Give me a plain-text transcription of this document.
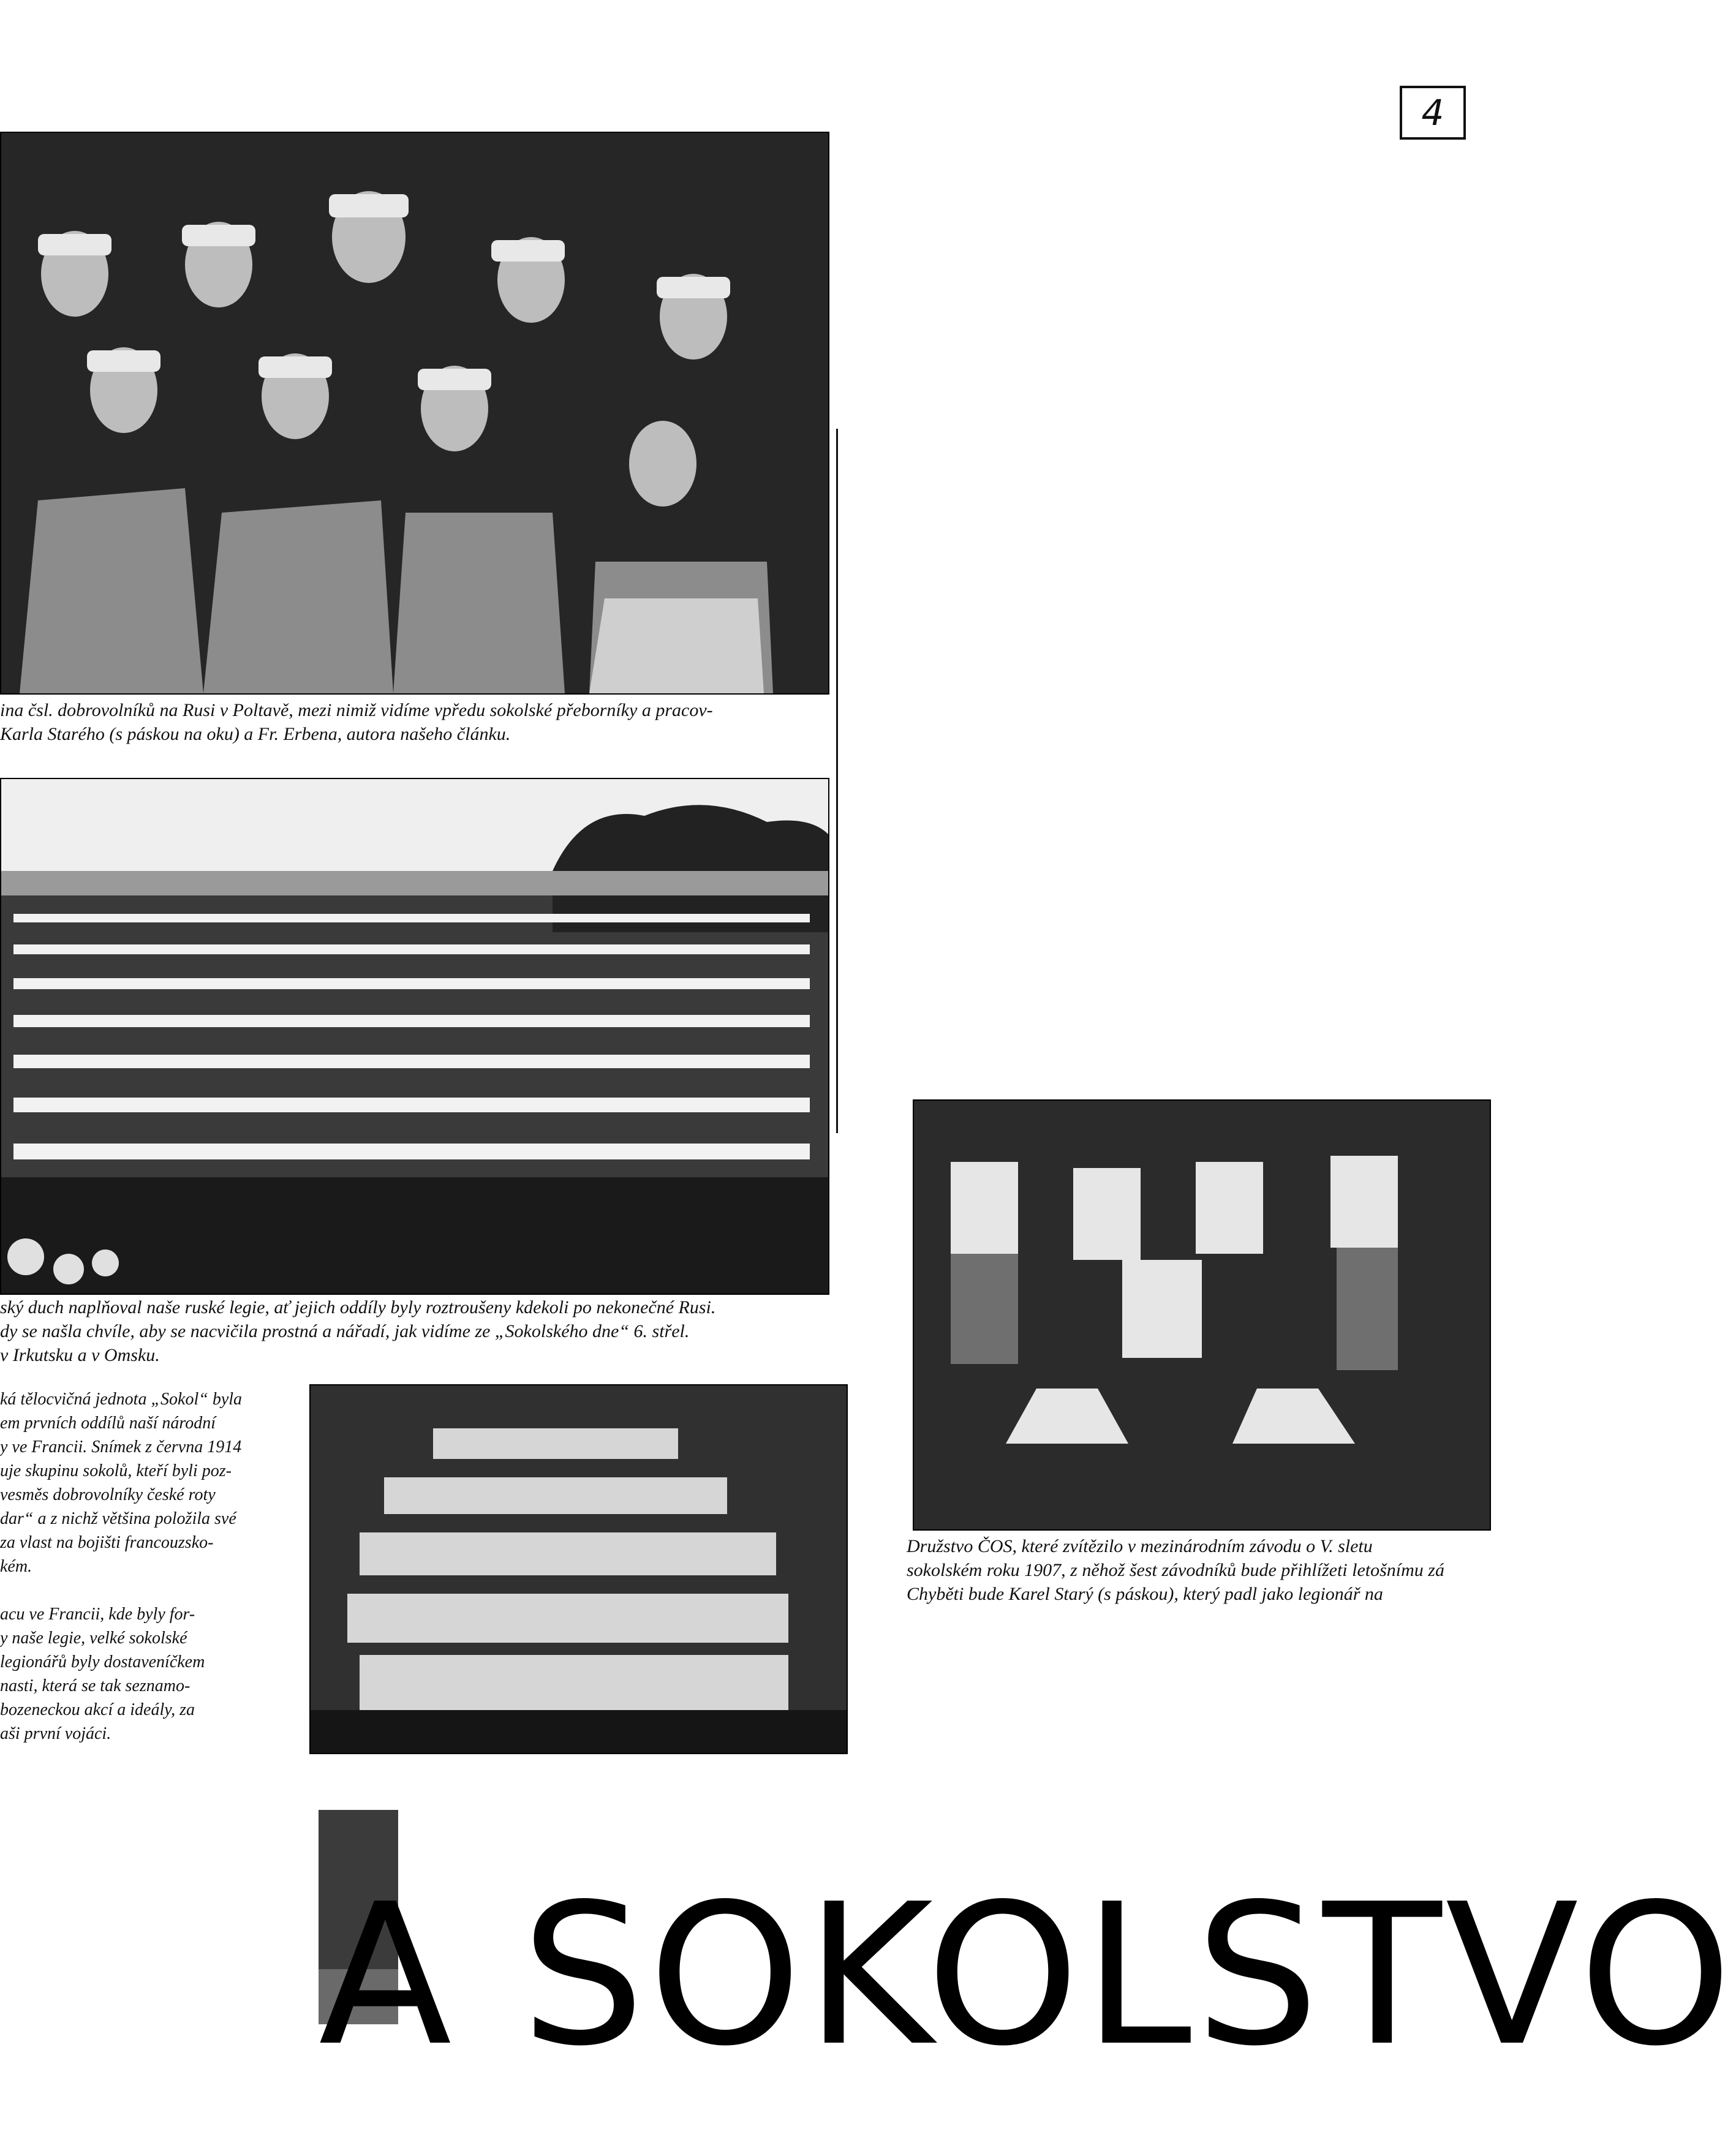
4
ina čsl. dobrovolníků na Rusi v Poltavě, mezi nimiž vidíme vpředu sokolské přeborníky a pracov-
Karla Starého (s páskou na oku) a Fr. Erbena, autora našeho článku.
ský duch naplňoval naše ruské legie, ať jejich oddíly byly roztroušeny kdekoli po nekonečné Rusi.
dy se našla chvíle, aby se nacvičila prostná a nářadí, jak vidíme ze „Sokolského dne“ 6. střel.
v Irkutsku a v Omsku.
ká tělocvičná jednota „Sokol“ byla
em prvních oddílů naší národní
y ve Francii. Snímek z června 1914
uje skupinu sokolů, kteří byli poz-
vesměs dobrovolníky české roty
dar“ a z nichž většina položila své
za vlast na bojišti francouzsko-
kém.

acu ve Francii, kde byly for-
y naše legie, velké sokolské
legionářů byly dostaveníčkem
nasti, která se tak seznamo-
bozeneckou akcí a ideály, za
aši první vojáci.
Družstvo ČOS, které zvítězilo v mezinárodním závodu o V. sletu
sokolském roku 1907, z něhož šest závodníků bude přihlížeti letošnímu zá
Chyběti bude Karel Starý (s páskou), který padl jako legionář na
A SOKOLSTVO
